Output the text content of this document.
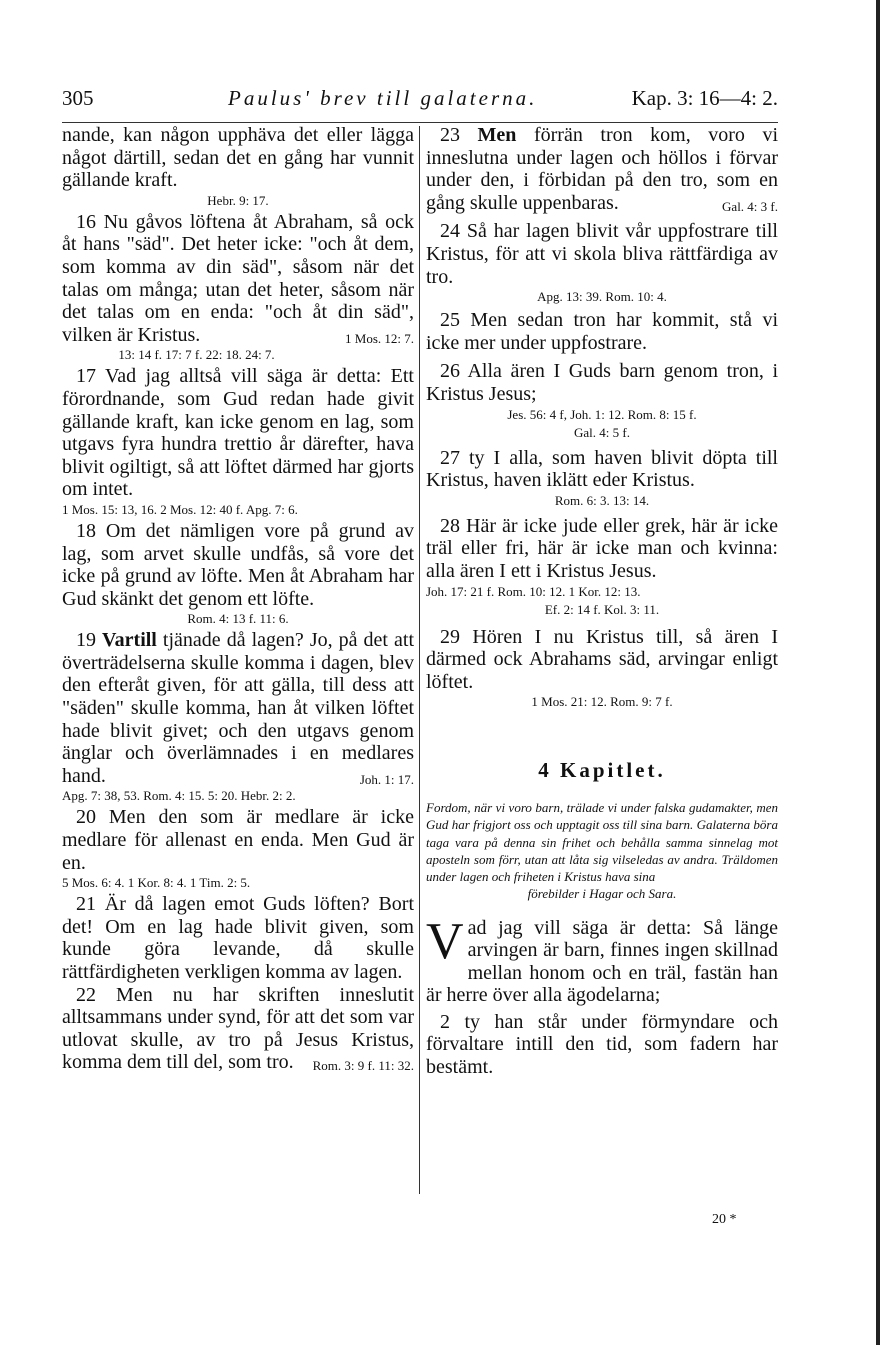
305	Paulus' brev till galaterna.	Kap. 3: 16—4: 2.

nande, kan någon upphäva det eller lägga något därtill, sedan det en gång har vunnit gällande kraft.

Hebr. 9: 17.

16 Nu gåvos löftena åt Abraham, så ock åt hans "säd". Det heter icke: "och åt dem, som komma av din säd", såsom när det talas om många; utan det heter, såsom när det talas om en enda: "och åt din säd", vilken är Kristus.	1 Mos. 12: 7.

13: 14 f. 17: 7 f. 22: 18. 24: 7.

17 Vad jag alltså vill säga är detta: Ett förordnande, som Gud redan hade givit gällande kraft, kan icke genom en lag, som utgavs fyra hundra trettio år därefter, hava blivit ogiltigt, så att löftet därmed har gjorts om intet.

1 Mos. 15: 13, 16. 2 Mos. 12: 40 f. Apg. 7: 6.

18 Om det nämligen vore på grund av lag, som arvet skulle undfås, så vore det icke på grund av löfte. Men åt Abraham har Gud skänkt det genom ett löfte.

Rom. 4: 13 f. 11: 6.

19 Vartill tjänade då lagen? Jo, på det att överträdelserna skulle komma i dagen, blev den efteråt given, för att gälla, till dess att "säden" skulle komma, han åt vilken löftet hade blivit givet; och den utgavs genom änglar och överlämnades i en medlares hand.	Joh. 1: 17.

Apg. 7: 38, 53. Rom. 4: 15. 5: 20. Hebr. 2: 2.

20 Men den som är medlare är icke medlare för allenast en enda. Men Gud är en.

5 Mos. 6: 4. 1 Kor. 8: 4. 1 Tim. 2: 5.

21 Är då lagen emot Guds löften? Bort det! Om en lag hade blivit given, som kunde göra levande, då skulle rättfärdigheten verkligen komma av lagen.

22 Men nu har skriften inneslutit alltsammans under synd, för att det som var utlovat skulle, av tro på Jesus Kristus, komma dem till del, som tro.	Rom. 3: 9 f. 11: 32.

23 Men förrän tron kom, voro vi inneslutna under lagen och höllos i förvar under den, i förbidan på den tro, som en gång skulle uppenbaras.	Gal. 4: 3 f.

24 Så har lagen blivit vår uppfostrare till Kristus, för att vi skola bliva rättfärdiga av tro.

Apg. 13: 39. Rom. 10: 4.

25 Men sedan tron har kommit, stå vi icke mer under uppfostrare.

26 Alla ären I Guds barn genom tron, i Kristus Jesus;

Jes. 56: 4 f, Joh. 1: 12. Rom. 8: 15 f.

Gal. 4: 5 f.

27 ty I alla, som haven blivit döpta till Kristus, haven iklätt eder Kristus.

Rom. 6: 3. 13: 14.

28 Här är icke jude eller grek, här är icke träl eller fri, här är icke man och kvinna: alla ären I ett i Kristus Jesus.

Joh. 17: 21 f. Rom. 10: 12. 1 Kor. 12: 13.

Ef. 2: 14 f. Kol. 3: 11.

29 Hören I nu Kristus till, så ären I därmed ock Abrahams säd, arvingar enligt löftet.

1 Mos. 21: 12. Rom. 9: 7 f.

4 Kapitlet.

Fordom, när vi voro barn, trälade vi under falska gudamakter, men Gud har frigjort oss och upptagit oss till sina barn. Galaterna böra taga vara på denna sin frihet och behålla samma sinnelag mot aposteln som förr, utan att låta sig vilseledas av andra. Träldomen under lagen och friheten i Kristus hava sina
förebilder i Hagar och Sara.

Vad jag vill säga är detta: Så länge arvingen är barn, finnes ingen skillnad mellan honom och en träl, fastän han är herre över alla ägodelarna;

2 ty han står under förmyndare och förvaltare intill den tid, som fadern har bestämt.

20 *
